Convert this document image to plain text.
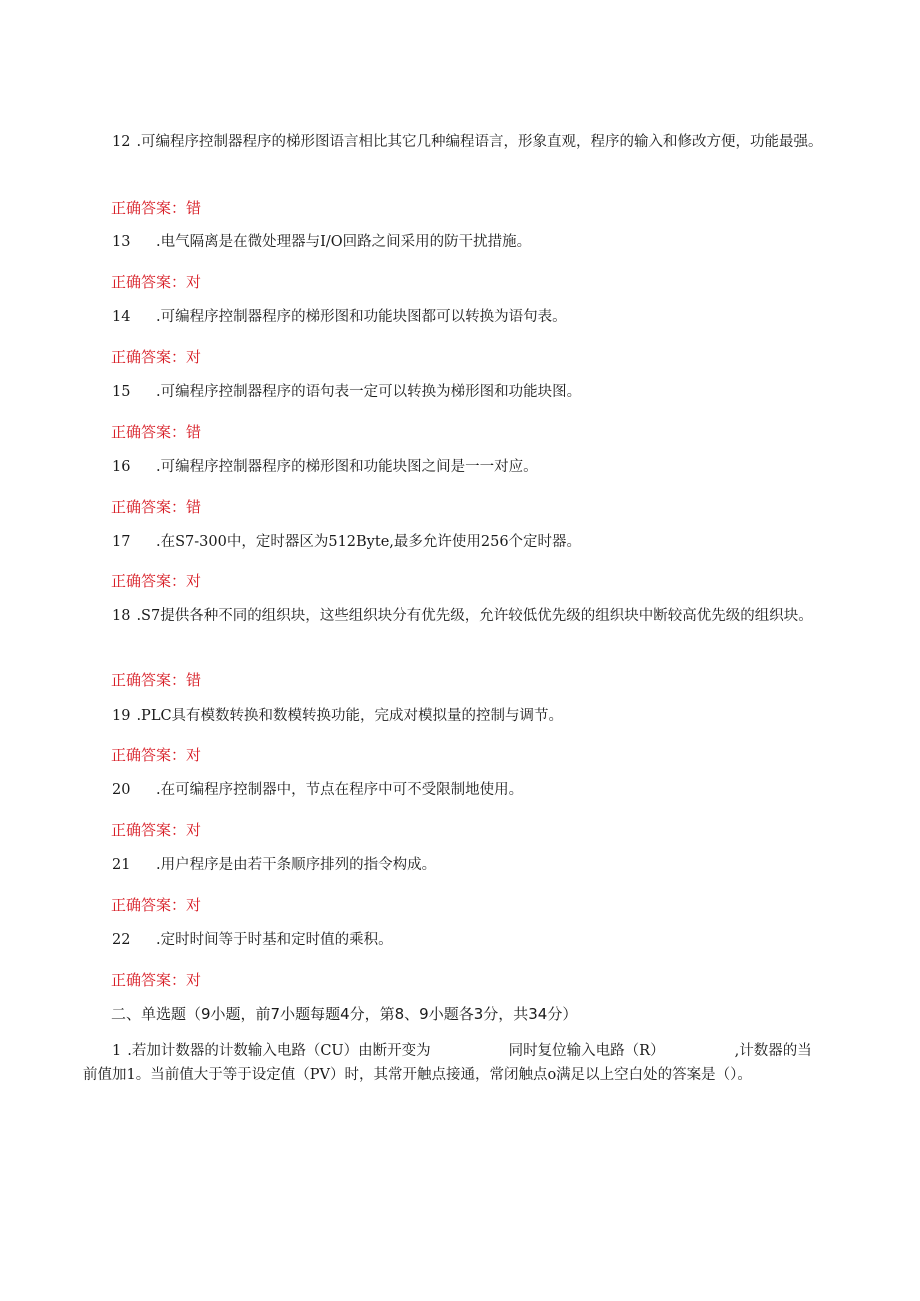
12 .可编程序控制器程序的梯形图语言相比其它几种编程语言，形象直观，程序的输入和修改方便，功能最强。

正确答案：错

13 .电气隔离是在微处理器与I/O回路之间采用的防干扰措施。

正确答案：对

14 .可编程序控制器程序的梯形图和功能块图都可以转换为语句表。

正确答案：对

15 .可编程序控制器程序的语句表一定可以转换为梯形图和功能块图。

正确答案：错

16 .可编程序控制器程序的梯形图和功能块图之间是一一对应。

正确答案：错

17 .在S7-300中，定时器区为512Byte,最多允许使用256个定时器。

正确答案：对

18 .S7提供各种不同的组织块，这些组织块分有优先级，允许较低优先级的组织块中断较高优先级的组织块。

正确答案：错

19 .PLC具有模数转换和数模转换功能，完成对模拟量的控制与调节。

正确答案：对

20 .在可编程序控制器中，节点在程序中可不受限制地使用。

正确答案：对

21 .用户程序是由若干条顺序排列的指令构成。

正确答案：对

22 .定时时间等于时基和定时值的乘积。

正确答案：对
二、单选题（9小题，前7小题每题4分，第8、9小题各3分，共34分）

1 .若加计数器的计数输入电路（CU）由断开变为	同时复位输入电路（R）	,计数器的当前值加1。当前值大于等于设定值（PV）时，其常开触点接通，常闭触点o满足以上空白处的答案是（）。
